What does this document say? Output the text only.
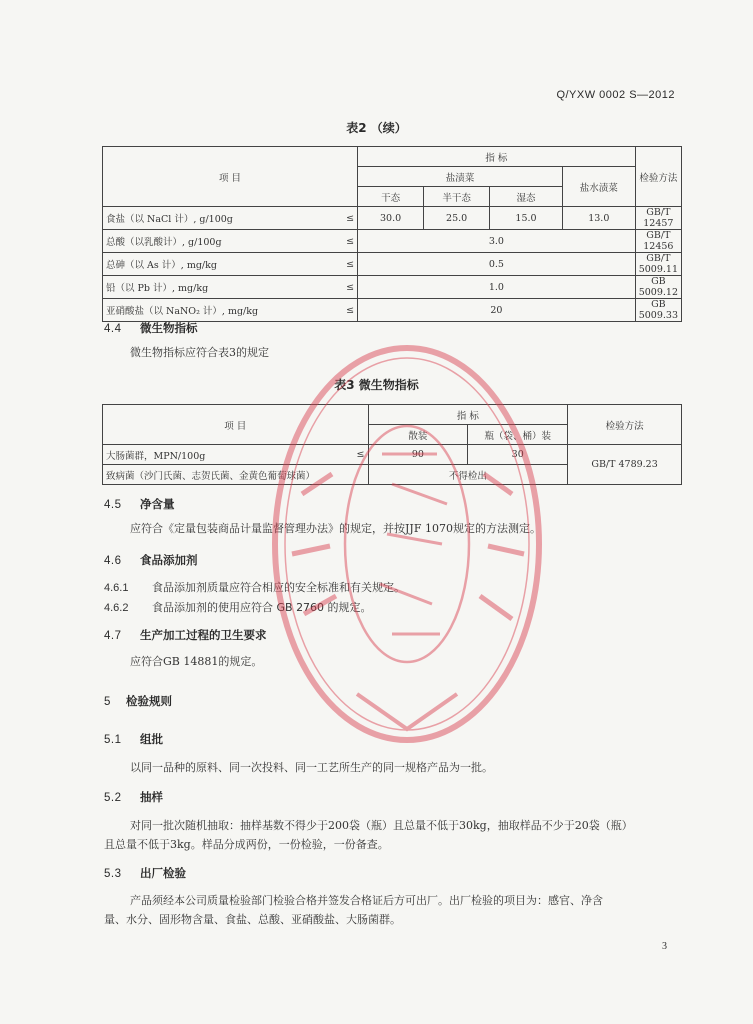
Q/YXW 0002 S—2012
表2 （续）
项 目		指 标				检验方法
		盐渍菜			盐水渍菜	
		干态	半干态	湿态		
食盐（以 NaCl 计）, g/100g	≤	30.0	25.0	15.0	13.0	GB/T 12457
总酸（以乳酸计）, g/100g	≤	3.0				GB/T 12456
总砷（以 As 计）, mg/kg	≤	0.5				GB/T 5009.11
铅（以 Pb 计）, mg/kg	≤	1.0				GB 5009.12
亚硝酸盐（以 NaNO₂ 计）, mg/kg	≤	20				GB 5009.33
4.4 微生物指标
微生物指标应符合表3的规定
表3 微生物指标
项 目		指 标		检验方法
		散装	瓶（袋、桶）装	
大肠菌群，MPN/100g	≤	90	30	GB/T 4789.23
致病菌（沙门氏菌、志贺氏菌、金黄色葡萄球菌）		不得检出		
4.5 净含量
应符合《定量包装商品计量监督管理办法》的规定，并按JJF 1070规定的方法测定。
4.6 食品添加剂
4.6.1 食品添加剂质量应符合相应的安全标准和有关规定。
4.6.2 食品添加剂的使用应符合 GB 2760 的规定。
4.7 生产加工过程的卫生要求
应符合GB 14881的规定。
5 检验规则
5.1 组批
以同一品种的原料、同一次投料、同一工艺所生产的同一规格产品为一批。
5.2 抽样
对同一批次随机抽取：抽样基数不得少于200袋（瓶）且总量不低于30kg，抽取样品不少于20袋（瓶）
且总量不低于3kg。样品分成两份，一份检验，一份备查。
5.3 出厂检验
产品须经本公司质量检验部门检验合格并签发合格证后方可出厂。出厂检验的项目为：感官、净含
量、水分、固形物含量、食盐、总酸、亚硝酸盐、大肠菌群。
3
